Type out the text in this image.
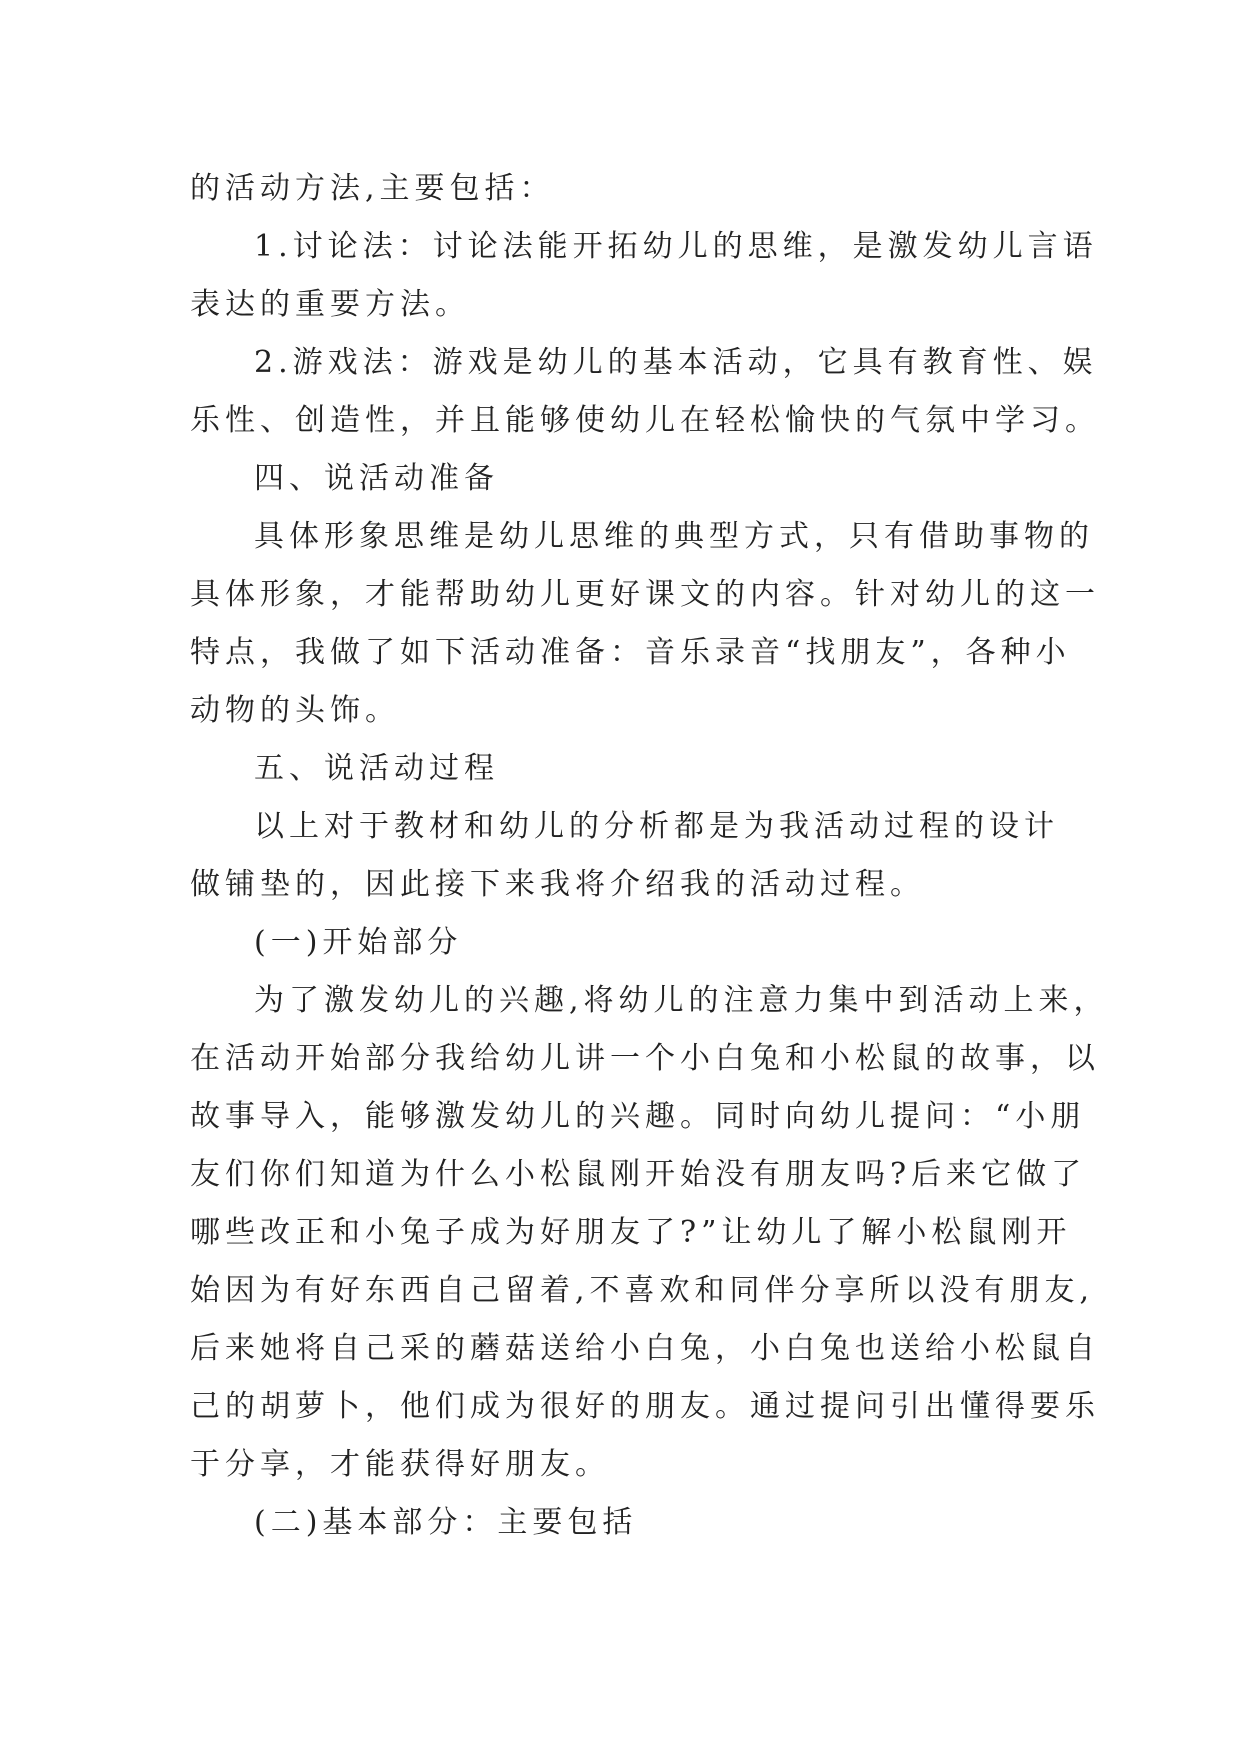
的活动方法,主要包括：
1.讨论法：讨论法能开拓幼儿的思维，是激发幼儿言语
表达的重要方法。
2.游戏法：游戏是幼儿的基本活动，它具有教育性、娱
乐性、创造性，并且能够使幼儿在轻松愉快的气氛中学习。
四、说活动准备
具体形象思维是幼儿思维的典型方式，只有借助事物的
具体形象，才能帮助幼儿更好课文的内容。针对幼儿的这一
特点，我做了如下活动准备：音乐录音“找朋友”，各种小
动物的头饰。
五、说活动过程
以上对于教材和幼儿的分析都是为我活动过程的设计
做铺垫的，因此接下来我将介绍我的活动过程。
(一)开始部分
为了激发幼儿的兴趣,将幼儿的注意力集中到活动上来，
在活动开始部分我给幼儿讲一个小白兔和小松鼠的故事，以
故事导入，能够激发幼儿的兴趣。同时向幼儿提问：“小朋
友们你们知道为什么小松鼠刚开始没有朋友吗?后来它做了
哪些改正和小兔子成为好朋友了?”让幼儿了解小松鼠刚开
始因为有好东西自己留着,不喜欢和同伴分享所以没有朋友,
后来她将自己采的蘑菇送给小白兔，小白兔也送给小松鼠自
己的胡萝卜，他们成为很好的朋友。通过提问引出懂得要乐
于分享，才能获得好朋友。
(二)基本部分：主要包括
